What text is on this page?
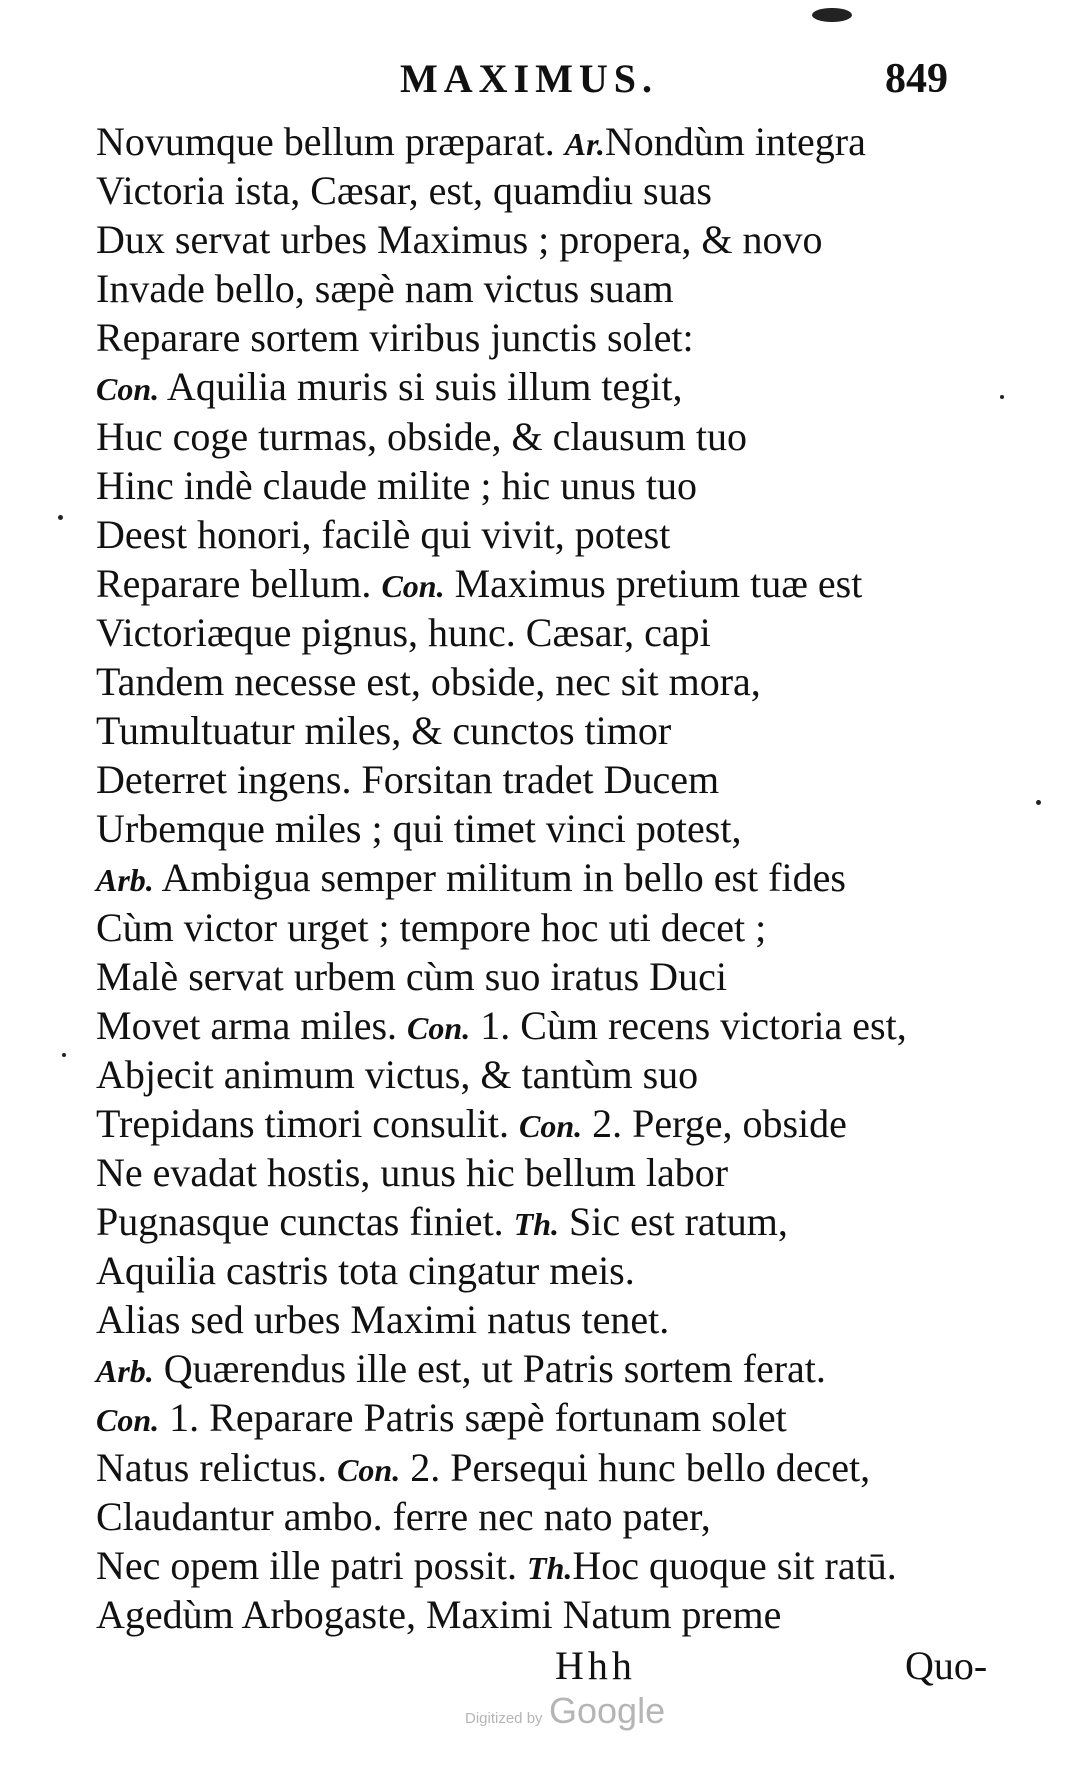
MAXIMUS.	849
Novumque bellum præparat. Ar.Nondùm integra
Victoria ista, Cæsar, est, quamdiu suas
Dux servat urbes Maximus ; propera, & novo
Invade bello, sæpè nam victus suam
Reparare sortem viribus junctis solet:
Con. Aquilia muris si suis illum tegit,
Huc coge turmas, obside, & clausum tuo
Hinc indè claude milite ; hic unus tuo
Deest honori, facilè qui vivit, potest
Reparare bellum. Con. Maximus pretium tuæ est
Victoriæque pignus, hunc. Cæsar, capi
Tandem necesse est, obside, nec sit mora,
Tumultuatur miles, & cunctos timor
Deterret ingens. Forsitan tradet Ducem
Urbemque miles ; qui timet vinci potest,
Arb. Ambigua semper militum in bello est fides
Cùm victor urget ; tempore hoc uti decet ;
Malè servat urbem cùm suo iratus Duci
Movet arma miles. Con. 1. Cùm recens victoria est,
Abjecit animum victus, & tantùm suo
Trepidans timori consulit. Con. 2. Perge, obside
Ne evadat hostis, unus hic bellum labor
Pugnasque cunctas finiet. Th. Sic est ratum,
Aquilia castris tota cingatur meis.
Alias sed urbes Maximi natus tenet.
Arb. Quærendus ille est, ut Patris sortem ferat.
Con. 1. Reparare Patris sæpè fortunam solet
Natus relictus. Con. 2. Persequi hunc bello decet,
Claudantur ambo. ferre nec nato pater,
Nec opem ille patri possit. Th.Hoc quoque sit ratū.
Agedùm Arbogaste, Maximi Natum preme
Hhh	Quo-
Digitized by Google
